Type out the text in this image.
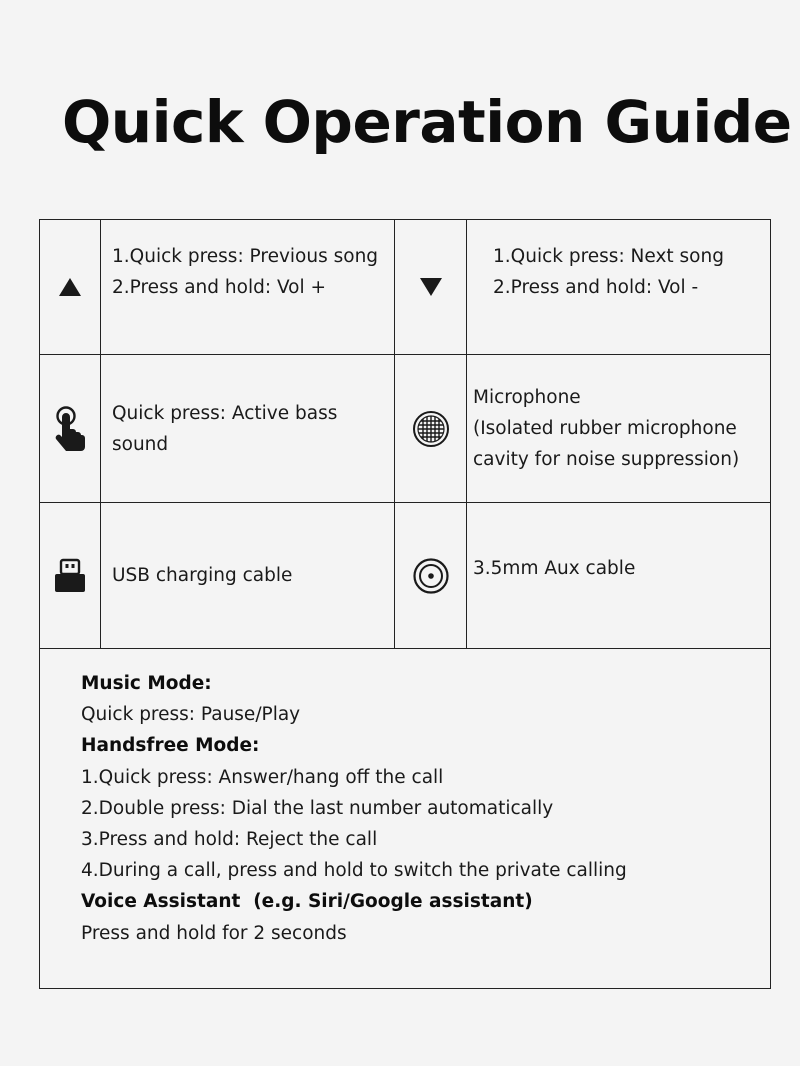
Quick Operation Guide
1.Quick press: Previous song
2.Press and hold: Vol +
1.Quick press: Next song
2.Press and hold: Vol -
Quick press: Active bass
sound
Microphone
(Isolated rubber microphone
cavity for noise suppression)
USB charging cable	3.5mm Aux cable
Music Mode:
Quick press: Pause/Play
Handsfree Mode:
1.Quick press: Answer/hang off the call
2.Double press: Dial the last number automatically
3.Press and hold: Reject the call
4.During a call, press and hold to switch the private calling
Voice Assistant  (e.g. Siri/Google assistant)
Press and hold for 2 seconds
